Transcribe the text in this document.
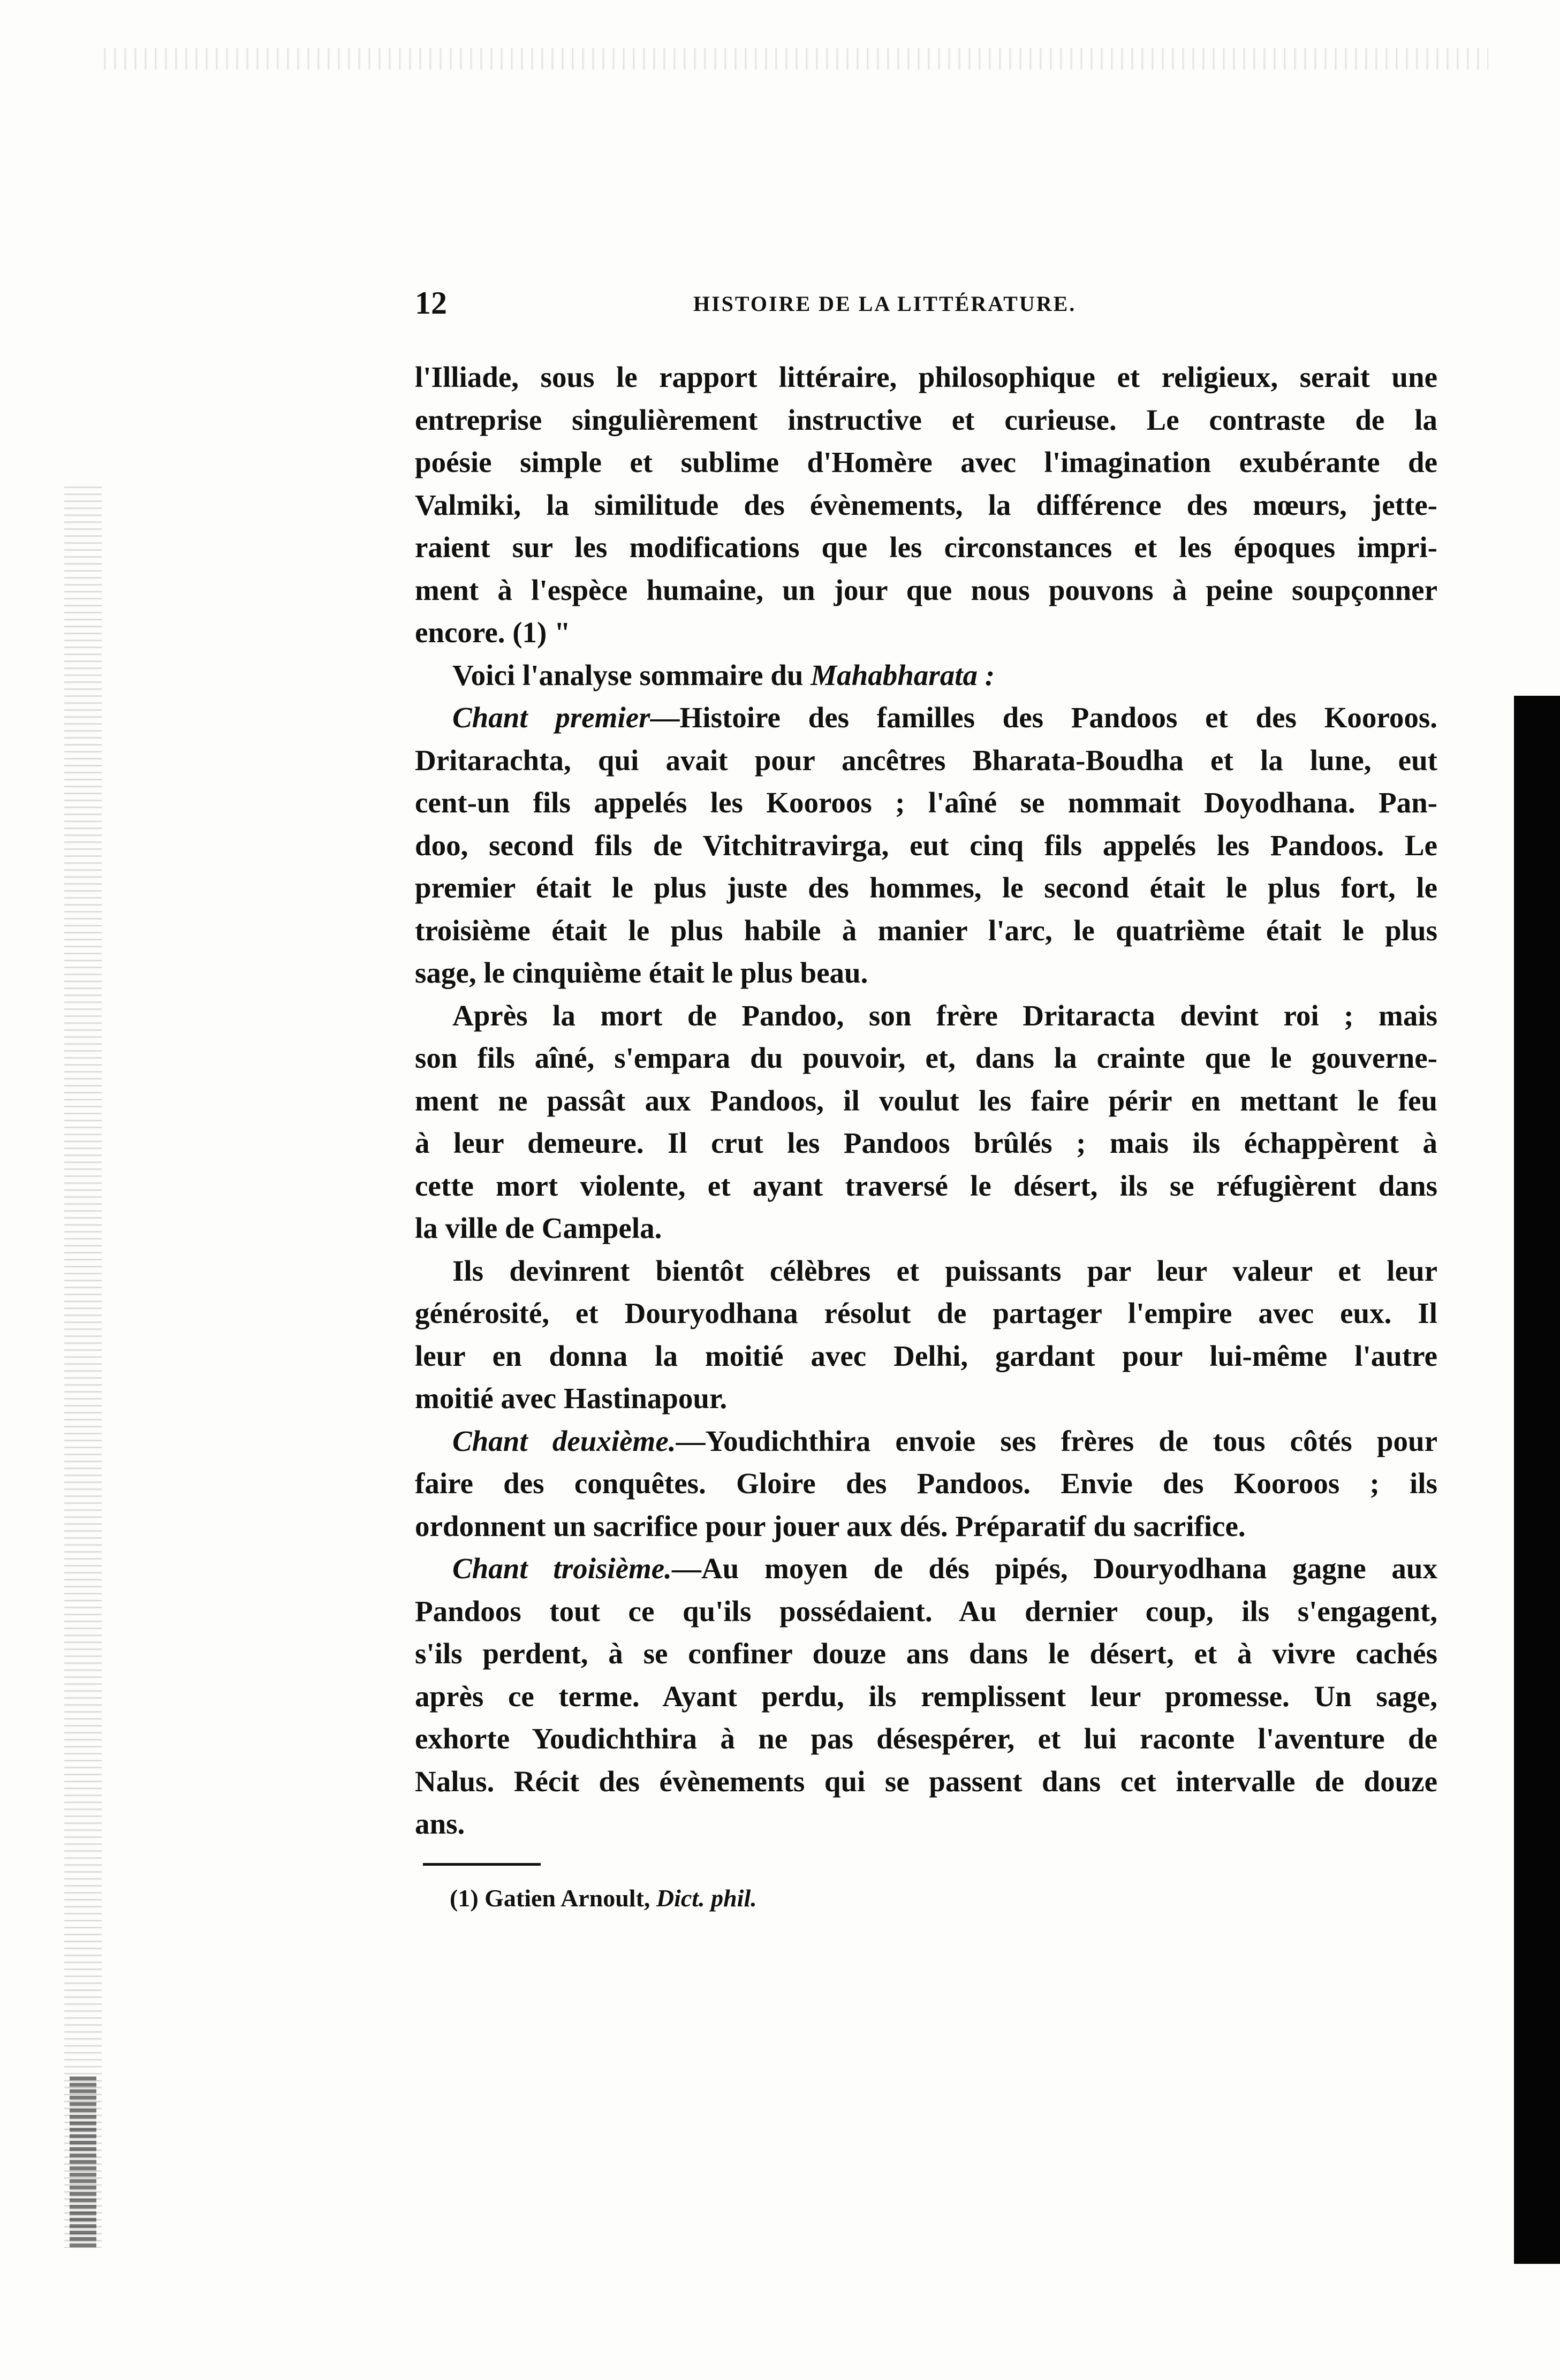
12	HISTOIRE DE LA LITTÉRATURE.

l'Illiade, sous le rapport littéraire, philosophique et religieux, serait une
entreprise singulièrement instructive et curieuse. Le contraste de la
poésie simple et sublime d'Homère avec l'imagination exubérante de
Valmiki, la similitude des évènements, la différence des mœurs, jette-
raient sur les modifications que les circonstances et les époques impri-
ment à l'espèce humaine, un jour que nous pouvons à peine soupçonner
encore. (1) "

Voici l'analyse sommaire du Mahabharata :

Chant premier—Histoire des familles des Pandoos et des Kooroos.
Dritarachta, qui avait pour ancêtres Bharata-Boudha et la lune, eut
cent-un fils appelés les Kooroos ; l'aîné se nommait Doyodhana. Pan-
doo, second fils de Vitchitravirga, eut cinq fils appelés les Pandoos. Le
premier était le plus juste des hommes, le second était le plus fort, le
troisième était le plus habile à manier l'arc, le quatrième était le plus
sage, le cinquième était le plus beau.

Après la mort de Pandoo, son frère Dritaracta devint roi ; mais
son fils aîné, s'empara du pouvoir, et, dans la crainte que le gouverne-
ment ne passât aux Pandoos, il voulut les faire périr en mettant le feu
à leur demeure. Il crut les Pandoos brûlés ; mais ils échappèrent à
cette mort violente, et ayant traversé le désert, ils se réfugièrent dans
la ville de Campela.

Ils devinrent bientôt célèbres et puissants par leur valeur et leur
générosité, et Douryodhana résolut de partager l'empire avec eux. Il
leur en donna la moitié avec Delhi, gardant pour lui-même l'autre
moitié avec Hastinapour.

Chant deuxième.—Youdichthira envoie ses frères de tous côtés pour
faire des conquêtes. Gloire des Pandoos. Envie des Kooroos ; ils
ordonnent un sacrifice pour jouer aux dés. Préparatif du sacrifice.

Chant troisième.—Au moyen de dés pipés, Douryodhana gagne aux
Pandoos tout ce qu'ils possédaient. Au dernier coup, ils s'engagent,
s'ils perdent, à se confiner douze ans dans le désert, et à vivre cachés
après ce terme. Ayant perdu, ils remplissent leur promesse. Un sage,
exhorte Youdichthira à ne pas désespérer, et lui raconte l'aventure de
Nalus. Récit des évènements qui se passent dans cet intervalle de douze
ans.

(1) Gatien Arnoult, Dict. phil.
